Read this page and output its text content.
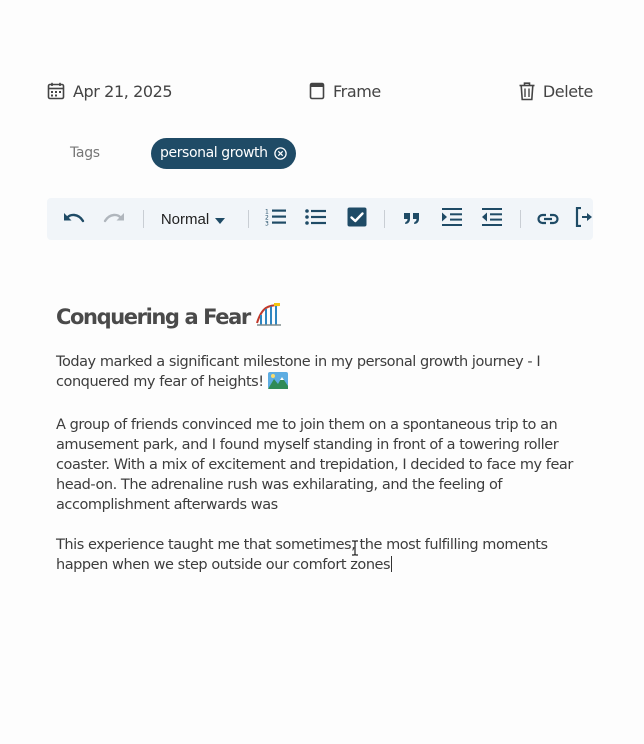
Apr 21, 2025	Frame	Delete
Tags	personal growth
Normal	1
2
3
Conquering a Fear

Today marked a significant milestone in my personal growth journey - I conquered my fear of heights!

A group of friends convinced me to join them on a spontaneous trip to an amusement park, and I found myself standing in front of a towering roller coaster. With a mix of excitement and trepidation, I decided to face my fear head-on. The adrenaline rush was exhilarating, and the feeling of accomplishment afterwards was

This experience taught me that sometimes, the most fulfilling moments happen when we step outside our comfort zones
